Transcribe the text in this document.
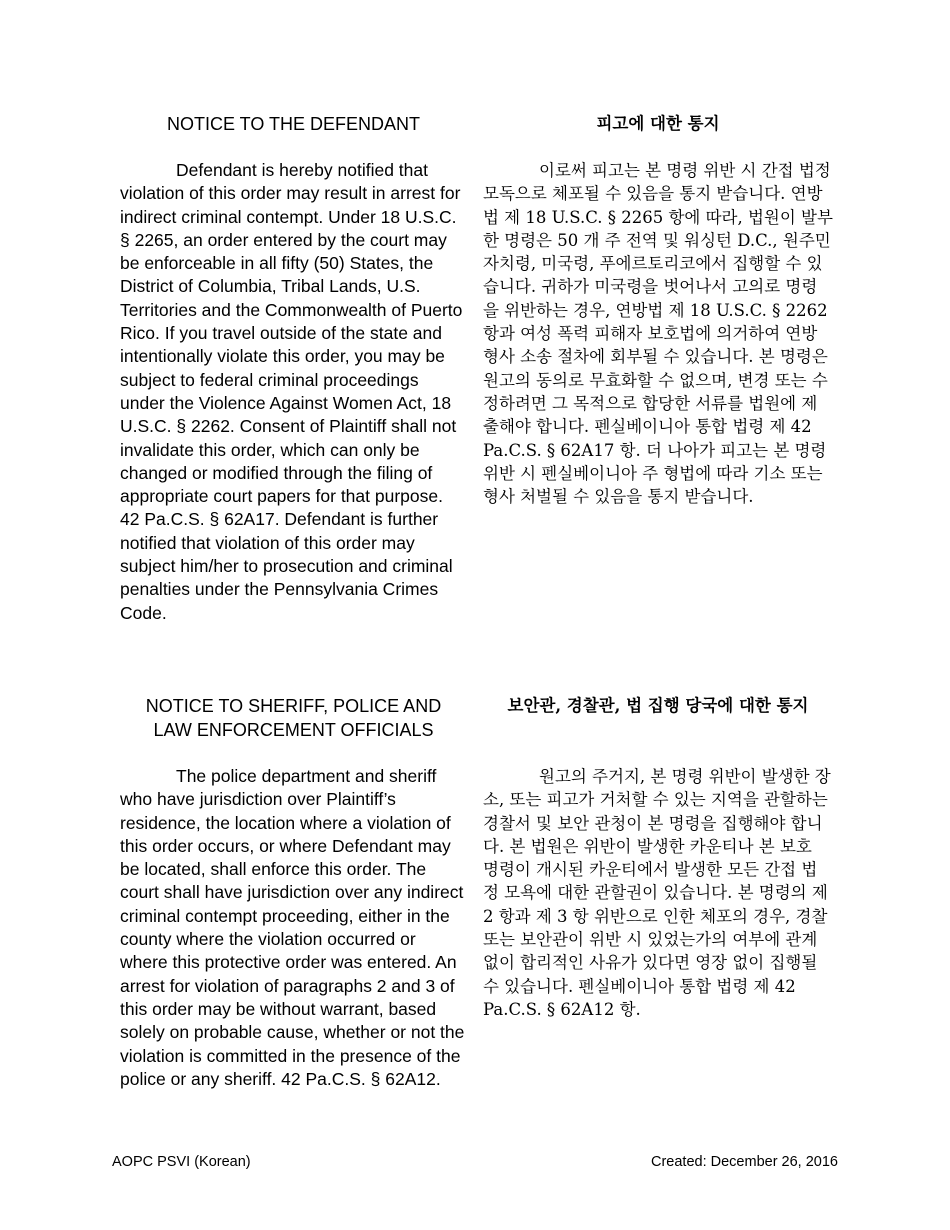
NOTICE TO THE DEFENDANT

Defendant is hereby notified that violation of this order may result in arrest for indirect criminal contempt. Under 18 U.S.C. § 2265, an order entered by the court may be enforceable in all fifty (50) States, the District of Columbia, Tribal Lands, U.S. Territories and the Commonwealth of Puerto Rico. If you travel outside of the state and intentionally violate this order, you may be subject to federal criminal proceedings under the Violence Against Women Act, 18 U.S.C. § 2262. Consent of Plaintiff shall not invalidate this order, which can only be changed or modified through the filing of appropriate court papers for that purpose. 42 Pa.C.S. § 62A17. Defendant is further notified that violation of this order may subject him/her to prosecution and criminal penalties under the Pennsylvania Crimes Code.

피고에 대한 통지

이로써 피고는 본 명령 위반 시 간접 법정 모독으로 체포될 수 있음을 통지 받습니다. 연방법 제 18 U.S.C. § 2265 항에 따라, 법원이 발부한 명령은 50 개 주 전역 및 워싱턴 D.C., 원주민 자치령, 미국령, 푸에르토리코에서 집행할 수 있습니다. 귀하가 미국령을 벗어나서 고의로 명령을 위반하는 경우, 연방법 제 18 U.S.C. § 2262 항과 여성 폭력 피해자 보호법에 의거하여 연방 형사 소송 절차에 회부될 수 있습니다. 본 명령은 원고의 동의로 무효화할 수 없으며, 변경 또는 수정하려면 그 목적으로 합당한 서류를 법원에 제출해야 합니다. 펜실베이니아 통합 법령 제 42 Pa.C.S. § 62A17 항. 더 나아가 피고는 본 명령 위반 시 펜실베이니아 주 형법에 따라 기소 또는 형사 처벌될 수 있음을 통지 받습니다.

NOTICE TO SHERIFF, POLICE AND
LAW ENFORCEMENT OFFICIALS

The police department and sheriff who have jurisdiction over Plaintiff’s residence, the location where a violation of this order occurs, or where Defendant may be located, shall enforce this order. The court shall have jurisdiction over any indirect criminal contempt proceeding, either in the county where the violation occurred or where this protective order was entered. An arrest for violation of paragraphs 2 and 3 of this order may be without warrant, based solely on probable cause, whether or not the violation is committed in the presence of the police or any sheriff. 42 Pa.C.S. § 62A12.

보안관, 경찰관, 법 집행 당국에 대한 통지

원고의 주거지, 본 명령 위반이 발생한 장소, 또는 피고가 거처할 수 있는 지역을 관할하는 경찰서 및 보안 관청이 본 명령을 집행해야 합니다. 본 법원은 위반이 발생한 카운티나 본 보호 명령이 개시된 카운티에서 발생한 모든 간접 법정 모욕에 대한 관할권이 있습니다. 본 명령의 제 2 항과 제 3 항 위반으로 인한 체포의 경우, 경찰 또는 보안관이 위반 시 있었는가의 여부에 관계 없이 합리적인 사유가 있다면 영장 없이 집행될 수 있습니다. 펜실베이니아 통합 법령 제 42 Pa.C.S. § 62A12 항.

AOPC PSVI (Korean)	Created: December 26, 2016
